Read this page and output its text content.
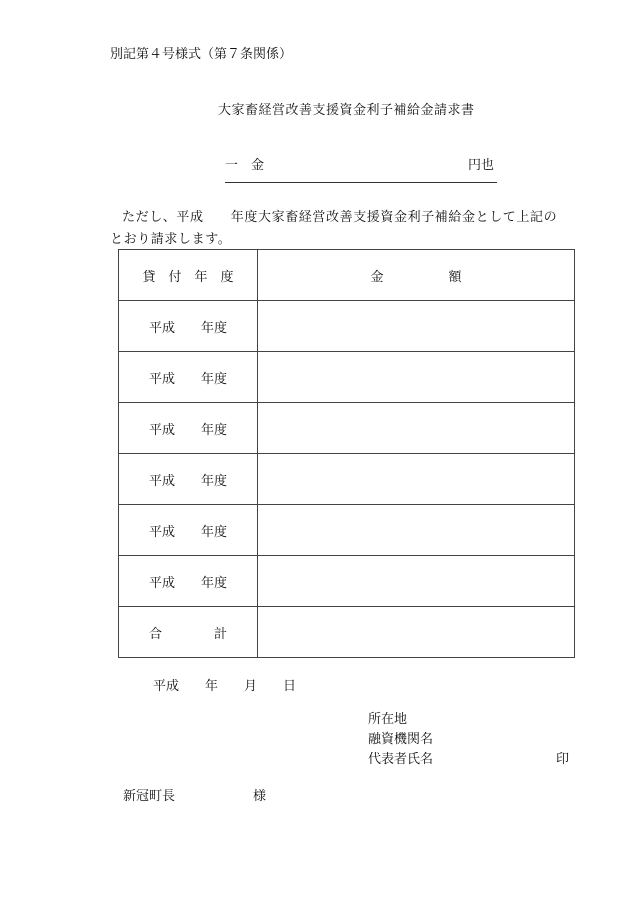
別記第４号様式（第７条関係）
大家畜経営改善支援資金利子補給金請求書
一　金	円也
ただし、平成　　年度大家畜経営改善支援資金利子補給金として上記の
とおり請求します。
貸　付　年　度	金　　　　　額
平成　　年度	
平成　　年度	
平成　　年度	
平成　　年度	
平成　　年度	
平成　　年度	
合　　　　計	
平成　　年　　月　　日
所在地
融資機関名
代表者氏名	印
新冠町長	様
